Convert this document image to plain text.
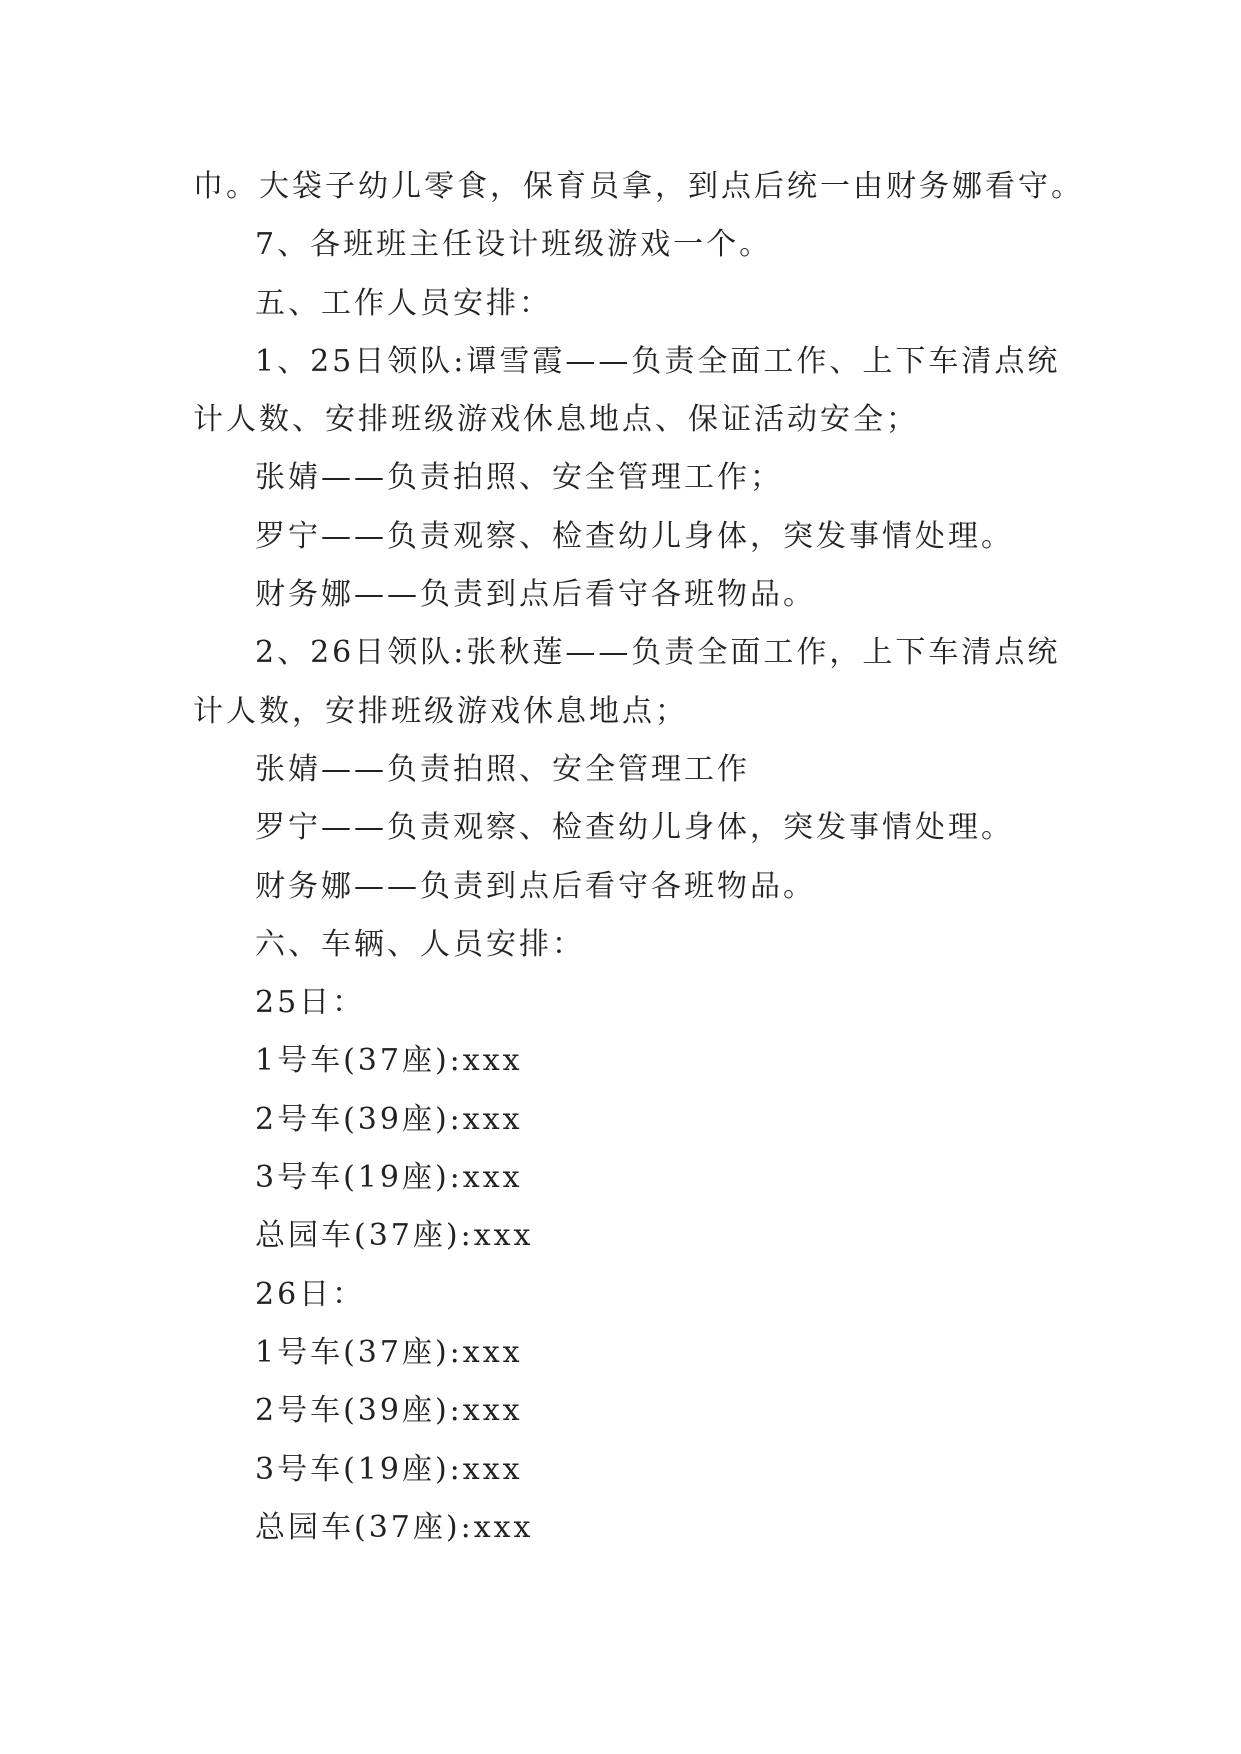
巾。大袋子幼儿零食，保育员拿，到点后统一由财务娜看守。
7、各班班主任设计班级游戏一个。
五、工作人员安排：
1、25日领队:谭雪霞——负责全面工作、上下车清点统
计人数、安排班级游戏休息地点、保证活动安全；
张婧——负责拍照、安全管理工作；
罗宁——负责观察、检查幼儿身体，突发事情处理。
财务娜——负责到点后看守各班物品。
2、26日领队:张秋莲——负责全面工作，上下车清点统
计人数，安排班级游戏休息地点；
张婧——负责拍照、安全管理工作
罗宁——负责观察、检查幼儿身体，突发事情处理。
财务娜——负责到点后看守各班物品。
六、车辆、人员安排：
25日：
1号车(37座):xxx
2号车(39座):xxx
3号车(19座):xxx
总园车(37座):xxx
26日：
1号车(37座):xxx
2号车(39座):xxx
3号车(19座):xxx
总园车(37座):xxx
